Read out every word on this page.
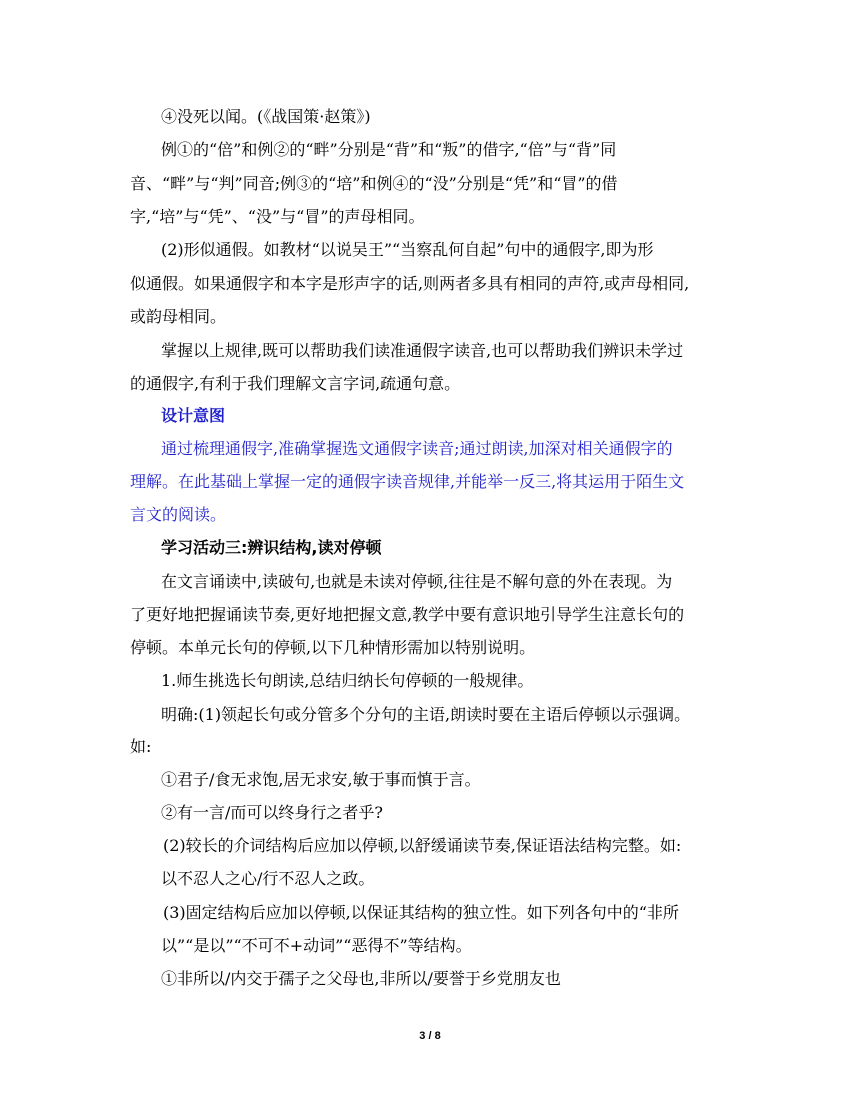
④没死以闻。(《战国策·赵策》)
例①的“倍”和例②的“畔”分别是“背”和“叛”的借字,“倍”与“背”同
音、“畔”与“判”同音;例③的“培”和例④的“没”分别是“凭”和“冒”的借
字,“培”与“凭”、“没”与“冒”的声母相同。
(2)形似通假。如教材“以说吴王”“当察乱何自起”句中的通假字,即为形
似通假。如果通假字和本字是形声字的话,则两者多具有相同的声符,或声母相同,
或韵母相同。
掌握以上规律,既可以帮助我们读准通假字读音,也可以帮助我们辨识未学过
的通假字,有利于我们理解文言字词,疏通句意。
设计意图
通过梳理通假字,准确掌握选文通假字读音;通过朗读,加深对相关通假字的
理解。在此基础上掌握一定的通假字读音规律,并能举一反三,将其运用于陌生文
言文的阅读。
学习活动三:辨识结构,读对停顿
在文言诵读中,读破句,也就是未读对停顿,往往是不解句意的外在表现。为
了更好地把握诵读节奏,更好地把握文意,教学中要有意识地引导学生注意长句的
停顿。本单元长句的停顿,以下几种情形需加以特别说明。
1.师生挑选长句朗读,总结归纳长句停顿的一般规律。
明确:(1)领起长句或分管多个分句的主语,朗读时要在主语后停顿以示强调。
如:
①君子/食无求饱,居无求安,敏于事而慎于言。
②有一言/而可以终身行之者乎?
(2)较长的介词结构后应加以停顿,以舒缓诵读节奏,保证语法结构完整。如:
以不忍人之心/行不忍人之政。
(3)固定结构后应加以停顿,以保证其结构的独立性。如下列各句中的“非所
以”“是以”“不可不+动词”“恶得不”等结构。
①非所以/内交于孺子之父母也,非所以/要誉于乡党朋友也
3 / 8
